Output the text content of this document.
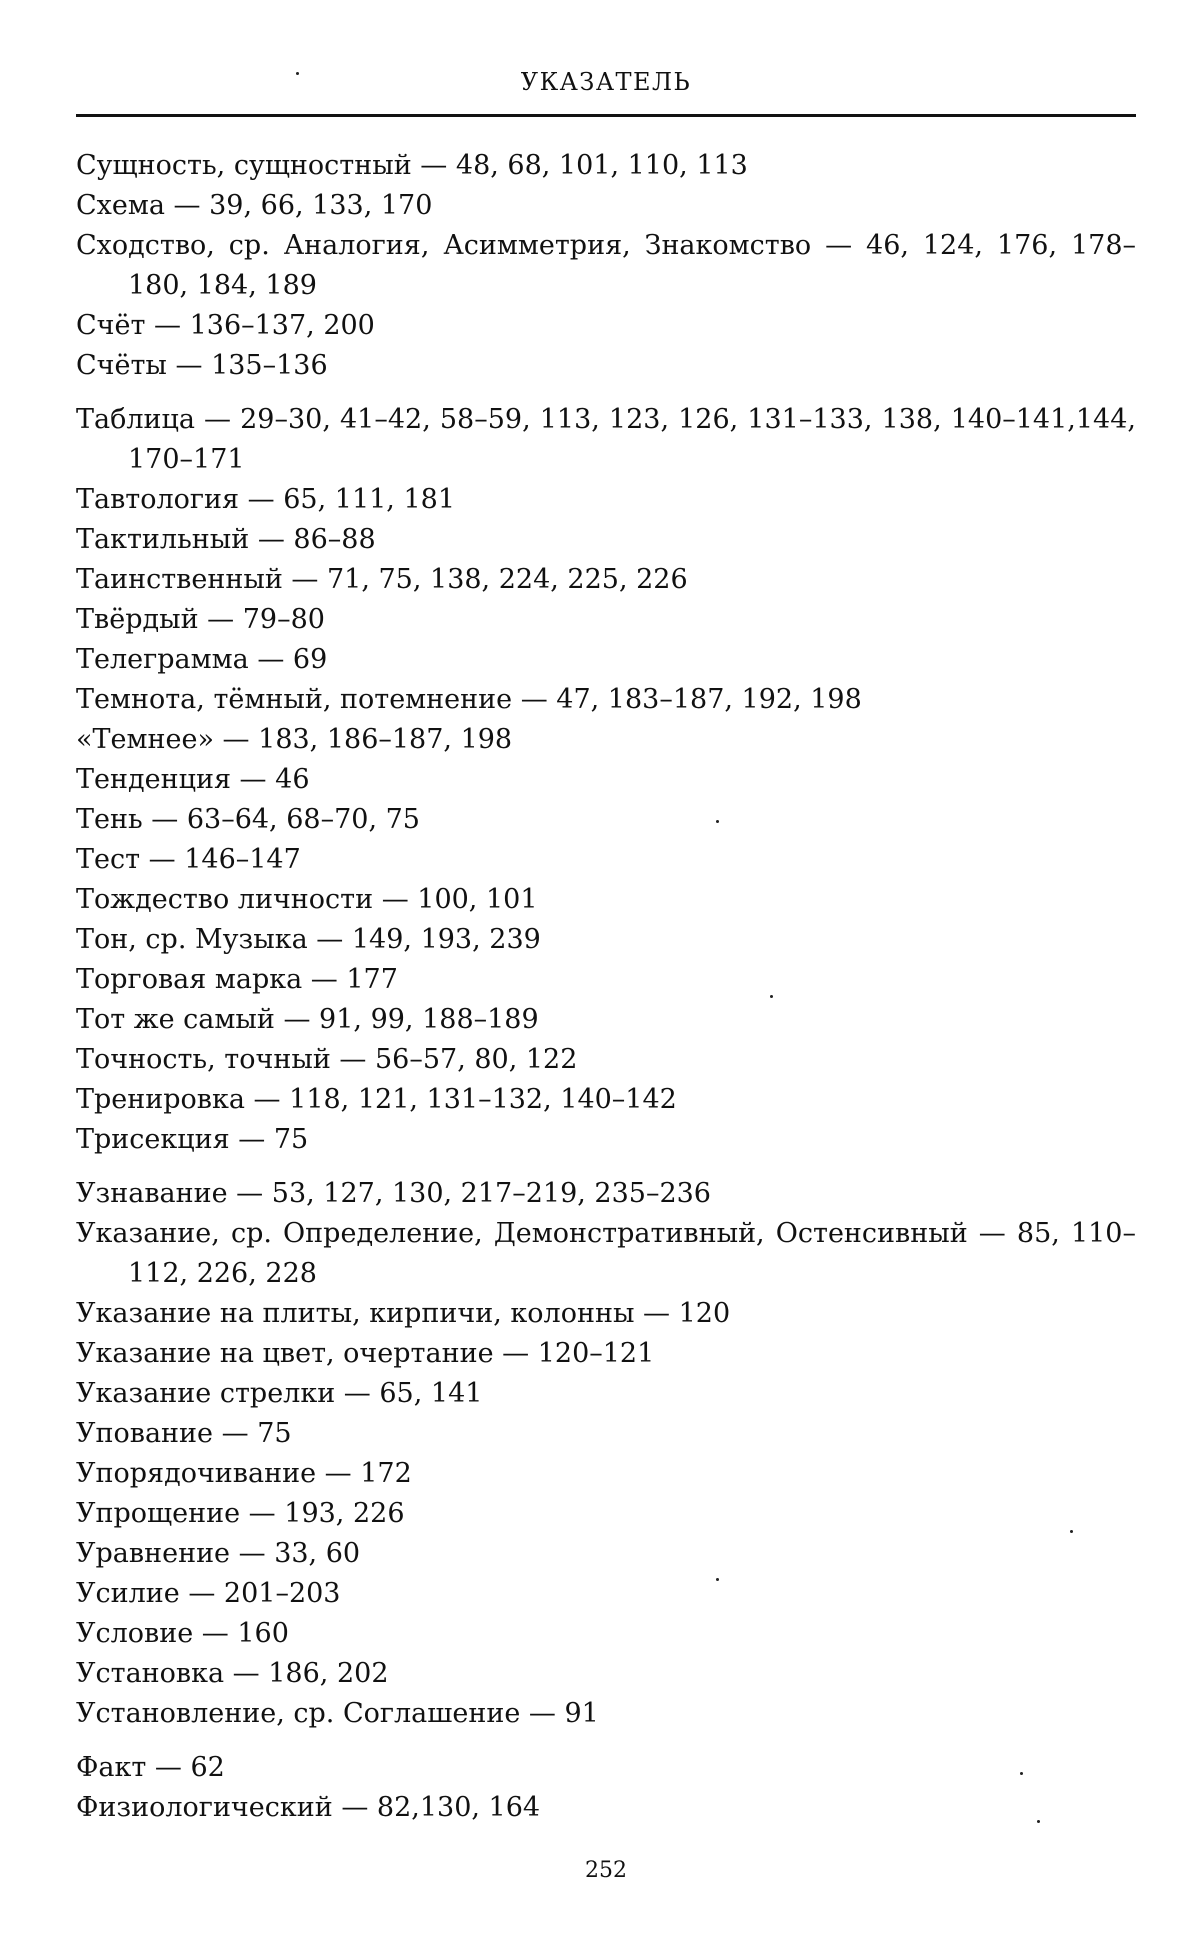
УКАЗАТЕЛЬ
Сущность, сущностный — 48, 68, 101, 110, 113
Схема — 39, 66, 133, 170
Сходство, ср. Аналогия, Асимметрия, Знакомство — 46, 124, 176, 178–180, 184, 189
Счёт — 136–137, 200
Счёты — 135–136
Таблица — 29–30, 41–42, 58–59, 113, 123, 126, 131–133, 138, 140–141,144, 170–171
Тавтология — 65, 111, 181
Тактильный — 86–88
Таинственный — 71, 75, 138, 224, 225, 226
Твёрдый — 79–80
Телеграмма — 69
Темнота, тёмный, потемнение — 47, 183–187, 192, 198
«Темнее» — 183, 186–187, 198
Тенденция — 46
Тень — 63–64, 68–70, 75
Тест — 146–147
Тождество личности — 100, 101
Тон, ср. Музыка — 149, 193, 239
Торговая марка — 177
Тот же самый — 91, 99, 188–189
Точность, точный — 56–57, 80, 122
Тренировка — 118, 121, 131–132, 140–142
Трисекция — 75
Узнавание — 53, 127, 130, 217–219, 235–236
Указание, ср. Определение, Демонстративный, Остенсивный — 85, 110–112, 226, 228
Указание на плиты, кирпичи, колонны — 120
Указание на цвет, очертание — 120–121
Указание стрелки — 65, 141
Упование — 75
Упорядочивание — 172
Упрощение — 193, 226
Уравнение — 33, 60
Усилие — 201–203
Условие — 160
Установка — 186, 202
Установление, ср. Соглашение — 91
Факт — 62
Физиологический — 82,130, 164
252
